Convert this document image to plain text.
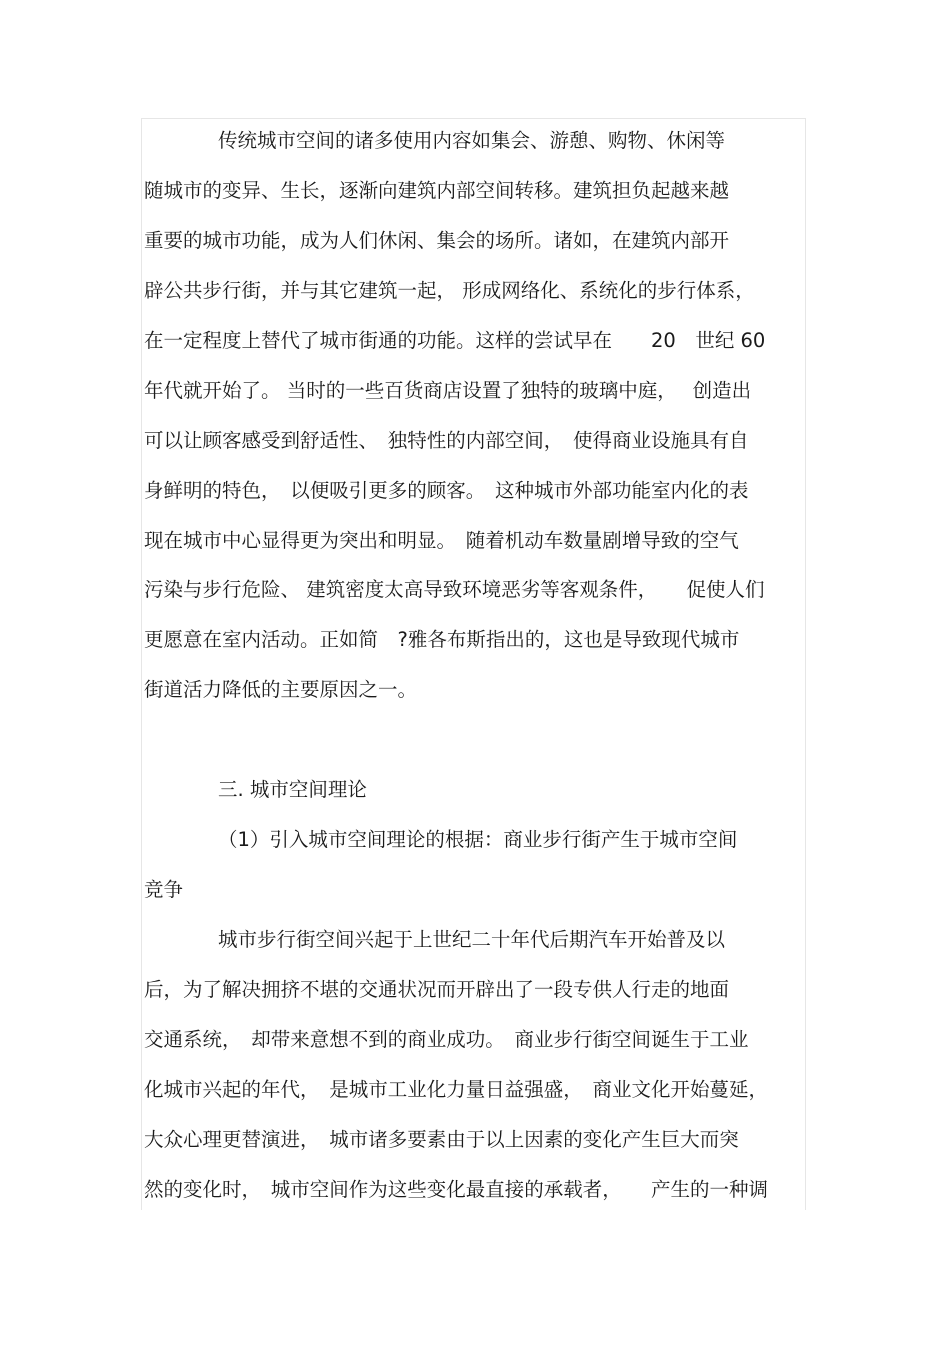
传统城市空间的诸多使用内容如集会、游憩、购物、休闲等
随城市的变异、生长，逐渐向建筑内部空间转移。建筑担负起越来越
重要的城市功能，成为人们休闲、集会的场所。诸如，在建筑内部开
辟公共步行街，并与其它建筑一起， 形成网络化、系统化的步行体系，
在一定程度上替代了城市街通的功能。这样的尝试早在　　20　世纪 60
年代就开始了。 当时的一些百货商店设置了独特的玻璃中庭，　 创造出
可以让顾客感受到舒适性、　独特性的内部空间，　使得商业设施具有自
身鲜明的特色，　以便吸引更多的顾客。　这种城市外部功能室内化的表
现在城市中心显得更为突出和明显。　随着机动车数量剧增导致的空气
污染与步行危险、 建筑密度太高导致环境恶劣等客观条件，　　促使人们
更愿意在室内活动。正如简　?雅各布斯指出的，这也是导致现代城市
街道活力降低的主要原因之一。
三. 城市空间理论
（1）引入城市空间理论的根据：商业步行街产生于城市空间
竞争
城市步行街空间兴起于上世纪二十年代后期汽车开始普及以
后，为了解决拥挤不堪的交通状况而开辟出了一段专供人行走的地面
交通系统，　却带来意想不到的商业成功。　商业步行街空间诞生于工业
化城市兴起的年代，　是城市工业化力量日益强盛，　商业文化开始蔓延，
大众心理更替演进，　城市诸多要素由于以上因素的变化产生巨大而突
然的变化时，　城市空间作为这些变化最直接的承载者，　　产生的一种调
